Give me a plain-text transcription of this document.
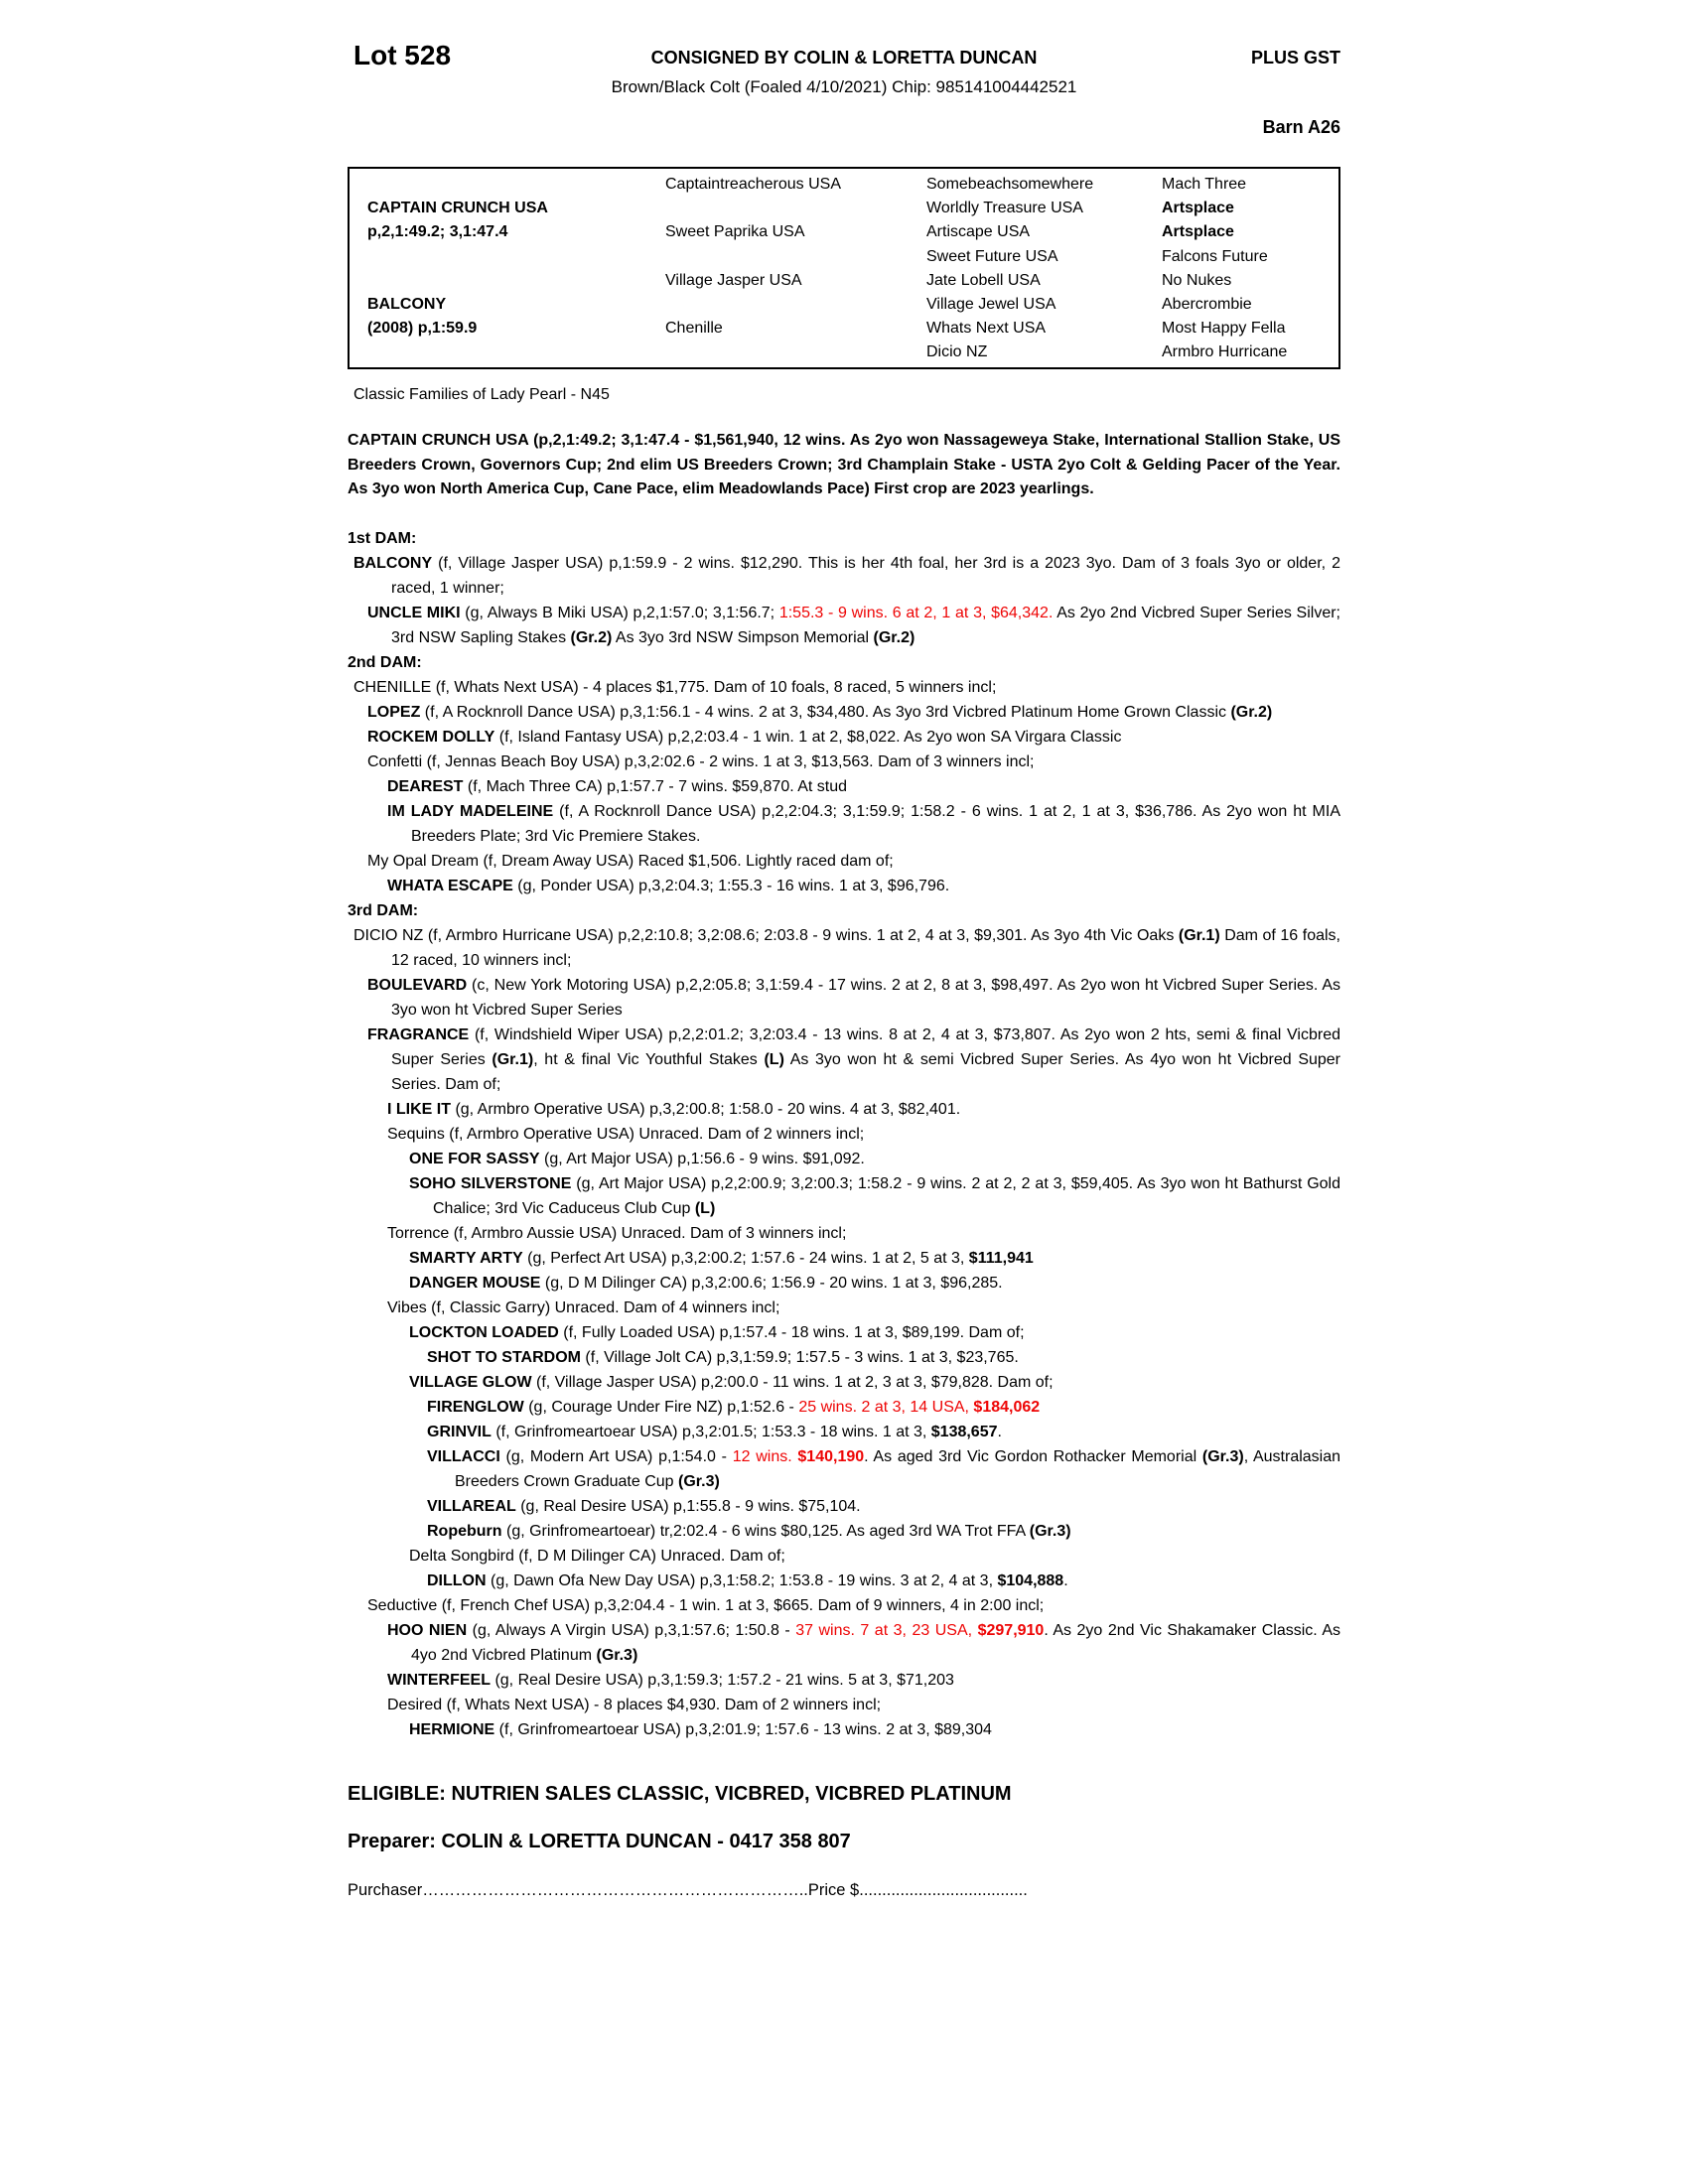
Lot 528	CONSIGNED BY COLIN & LORETTA DUNCAN	PLUS GST
Brown/Black Colt (Foaled 4/10/2021) Chip: 985141004442521
Barn A26
CAPTAIN CRUNCH USA
p,2,1:49.2; 3,1:47.4
BALCONY
(2008) p,1:59.9
Captaintreacherous USA
Sweet Paprika USA
Village Jasper USA
Chenille
Somebeachsomewhere
Worldly Treasure USA
Artiscape USA
Sweet Future USA
Jate Lobell USA
Village Jewel USA
Whats Next USA
Dicio NZ
Mach Three
Artsplace
Artsplace
Falcons Future
No Nukes
Abercrombie
Most Happy Fella
Armbro Hurricane
Classic Families of Lady Pearl - N45
CAPTAIN CRUNCH USA (p,2,1:49.2; 3,1:47.4 - $1,561,940, 12 wins. As 2yo won Nassageweya Stake, International Stallion Stake, US Breeders Crown, Governors Cup; 2nd elim US Breeders Crown; 3rd Champlain Stake - USTA 2yo Colt & Gelding Pacer of the Year. As 3yo won North America Cup, Cane Pace, elim Meadowlands Pace) First crop are 2023 yearlings.
1st DAM:
BALCONY (f, Village Jasper USA) p,1:59.9 - 2 wins. $12,290. This is her 4th foal, her 3rd is a 2023 3yo. Dam of 3 foals 3yo or older, 2 raced, 1 winner;
UNCLE MIKI (g, Always B Miki USA) p,2,1:57.0; 3,1:56.7; 1:55.3 - 9 wins. 6 at 2, 1 at 3, $64,342. As 2yo 2nd Vicbred Super Series Silver; 3rd NSW Sapling Stakes (Gr.2) As 3yo 3rd NSW Simpson Memorial (Gr.2)
2nd DAM:
CHENILLE (f, Whats Next USA) - 4 places $1,775. Dam of 10 foals, 8 raced, 5 winners incl;
LOPEZ (f, A Rocknroll Dance USA) p,3,1:56.1 - 4 wins. 2 at 3, $34,480. As 3yo 3rd Vicbred Platinum Home Grown Classic (Gr.2)
ROCKEM DOLLY (f, Island Fantasy USA) p,2,2:03.4 - 1 win. 1 at 2, $8,022. As 2yo won SA Virgara Classic
Confetti (f, Jennas Beach Boy USA) p,3,2:02.6 - 2 wins. 1 at 3, $13,563. Dam of 3 winners incl;
DEAREST (f, Mach Three CA) p,1:57.7 - 7 wins. $59,870. At stud
IM LADY MADELEINE (f, A Rocknroll Dance USA) p,2,2:04.3; 3,1:59.9; 1:58.2 - 6 wins. 1 at 2, 1 at 3, $36,786. As 2yo won ht MIA Breeders Plate; 3rd Vic Premiere Stakes.
My Opal Dream (f, Dream Away USA) Raced $1,506. Lightly raced dam of;
WHATA ESCAPE (g, Ponder USA) p,3,2:04.3; 1:55.3 - 16 wins. 1 at 3, $96,796.
3rd DAM:
DICIO NZ (f, Armbro Hurricane USA) p,2,2:10.8; 3,2:08.6; 2:03.8 - 9 wins. 1 at 2, 4 at 3, $9,301. As 3yo 4th Vic Oaks (Gr.1) Dam of 16 foals, 12 raced, 10 winners incl;
BOULEVARD (c, New York Motoring USA) p,2,2:05.8; 3,1:59.4 - 17 wins. 2 at 2, 8 at 3, $98,497. As 2yo won ht Vicbred Super Series. As 3yo won ht Vicbred Super Series
FRAGRANCE (f, Windshield Wiper USA) p,2,2:01.2; 3,2:03.4 - 13 wins. 8 at 2, 4 at 3, $73,807. As 2yo won 2 hts, semi & final Vicbred Super Series (Gr.1), ht & final Vic Youthful Stakes (L) As 3yo won ht & semi Vicbred Super Series. As 4yo won ht Vicbred Super Series. Dam of;
I LIKE IT (g, Armbro Operative USA) p,3,2:00.8; 1:58.0 - 20 wins. 4 at 3, $82,401.
Sequins (f, Armbro Operative USA) Unraced. Dam of 2 winners incl;
ONE FOR SASSY (g, Art Major USA) p,1:56.6 - 9 wins. $91,092.
SOHO SILVERSTONE (g, Art Major USA) p,2,2:00.9; 3,2:00.3; 1:58.2 - 9 wins. 2 at 2, 2 at 3, $59,405. As 3yo won ht Bathurst Gold Chalice; 3rd Vic Caduceus Club Cup (L)
Torrence (f, Armbro Aussie USA) Unraced. Dam of 3 winners incl;
SMARTY ARTY (g, Perfect Art USA) p,3,2:00.2; 1:57.6 - 24 wins. 1 at 2, 5 at 3, $111,941
DANGER MOUSE (g, D M Dilinger CA) p,3,2:00.6; 1:56.9 - 20 wins. 1 at 3, $96,285.
Vibes (f, Classic Garry) Unraced. Dam of 4 winners incl;
LOCKTON LOADED (f, Fully Loaded USA) p,1:57.4 - 18 wins. 1 at 3, $89,199. Dam of;
SHOT TO STARDOM (f, Village Jolt CA) p,3,1:59.9; 1:57.5 - 3 wins. 1 at 3, $23,765.
VILLAGE GLOW (f, Village Jasper USA) p,2:00.0 - 11 wins. 1 at 2, 3 at 3, $79,828. Dam of;
FIRENGLOW (g, Courage Under Fire NZ) p,1:52.6 - 25 wins. 2 at 3, 14 USA, $184,062
GRINVIL (f, Grinfromeartoear USA) p,3,2:01.5; 1:53.3 - 18 wins. 1 at 3, $138,657.
VILLACCI (g, Modern Art USA) p,1:54.0 - 12 wins. $140,190. As aged 3rd Vic Gordon Rothacker Memorial (Gr.3), Australasian Breeders Crown Graduate Cup (Gr.3)
VILLAREAL (g, Real Desire USA) p,1:55.8 - 9 wins. $75,104.
Ropeburn (g, Grinfromeartoear) tr,2:02.4 - 6 wins $80,125. As aged 3rd WA Trot FFA (Gr.3)
Delta Songbird (f, D M Dilinger CA) Unraced. Dam of;
DILLON (g, Dawn Ofa New Day USA) p,3,1:58.2; 1:53.8 - 19 wins. 3 at 2, 4 at 3, $104,888.
Seductive (f, French Chef USA) p,3,2:04.4 - 1 win. 1 at 3, $665. Dam of 9 winners, 4 in 2:00 incl;
HOO NIEN (g, Always A Virgin USA) p,3,1:57.6; 1:50.8 - 37 wins. 7 at 3, 23 USA, $297,910. As 2yo 2nd Vic Shakamaker Classic. As 4yo 2nd Vicbred Platinum (Gr.3)
WINTERFEEL (g, Real Desire USA) p,3,1:59.3; 1:57.2 - 21 wins. 5 at 3, $71,203
Desired (f, Whats Next USA) - 8 places $4,930. Dam of 2 winners incl;
HERMIONE (f, Grinfromeartoear USA) p,3,2:01.9; 1:57.6 - 13 wins. 2 at 3, $89,304
ELIGIBLE: NUTRIEN SALES CLASSIC, VICBRED, VICBRED PLATINUM
Preparer: COLIN & LORETTA DUNCAN - 0417 358 807
Purchaser……………………………………………………………..Price $.....................................
